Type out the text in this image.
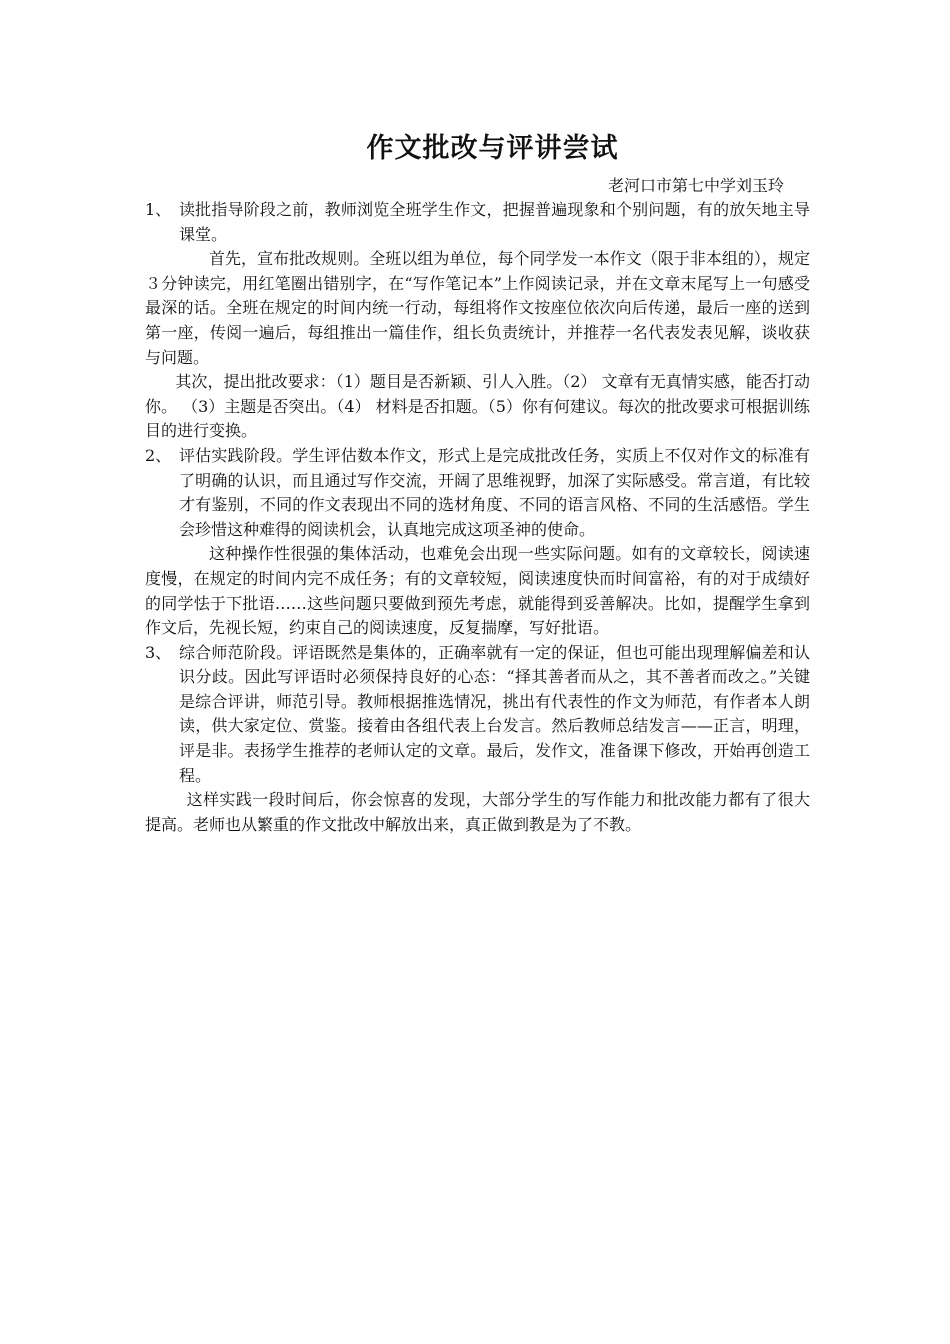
作文批改与评讲尝试

老河口市第七中学刘玉玲

1、 读批指导阶段之前，教师浏览全班学生作文，把握普遍现象和个别问题，有的放矢地主导课堂。

首先，宣布批改规则。全班以组为单位，每个同学发一本作文（限于非本组的），规定３分钟读完，用红笔圈出错别字，在“写作笔记本”上作阅读记录，并在文章末尾写上一句感受最深的话。全班在规定的时间内统一行动，每组将作文按座位依次向后传递，最后一座的送到第一座，传阅一遍后，每组推出一篇佳作，组长负责统计，并推荐一名代表发表见解，谈收获与问题。

其次，提出批改要求：（1）题目是否新颖、引人入胜。（2） 文章有无真情实感，能否打动你。 （3）主题是否突出。（4） 材料是否扣题。（5）你有何建议。每次的批改要求可根据训练目的进行变换。

2、 评估实践阶段。学生评估数本作文，形式上是完成批改任务，实质上不仅对作文的标准有了明确的认识，而且通过写作交流，开阔了思维视野，加深了实际感受。常言道，有比较才有鉴别，不同的作文表现出不同的选材角度、不同的语言风格、不同的生活感悟。学生会珍惜这种难得的阅读机会，认真地完成这项圣神的使命。

这种操作性很强的集体活动，也难免会出现一些实际问题。如有的文章较长，阅读速度慢，在规定的时间内完不成任务；有的文章较短，阅读速度快而时间富裕，有的对于成绩好的同学怯于下批语……这些问题只要做到预先考虑，就能得到妥善解决。比如，提醒学生拿到作文后，先视长短，约束自己的阅读速度，反复揣摩，写好批语。

3、 综合师范阶段。评语既然是集体的，正确率就有一定的保证，但也可能出现理解偏差和认识分歧。因此写评语时必须保持良好的心态：“择其善者而从之，其不善者而改之。”关键是综合评讲，师范引导。教师根据推选情况，挑出有代表性的作文为师范，有作者本人朗读，供大家定位、赏鉴。接着由各组代表上台发言。然后教师总结发言——正言，明理，评是非。表扬学生推荐的老师认定的文章。最后，发作文，准备课下修改，开始再创造工程。

这样实践一段时间后，你会惊喜的发现，大部分学生的写作能力和批改能力都有了很大提高。老师也从繁重的作文批改中解放出来，真正做到教是为了不教。
